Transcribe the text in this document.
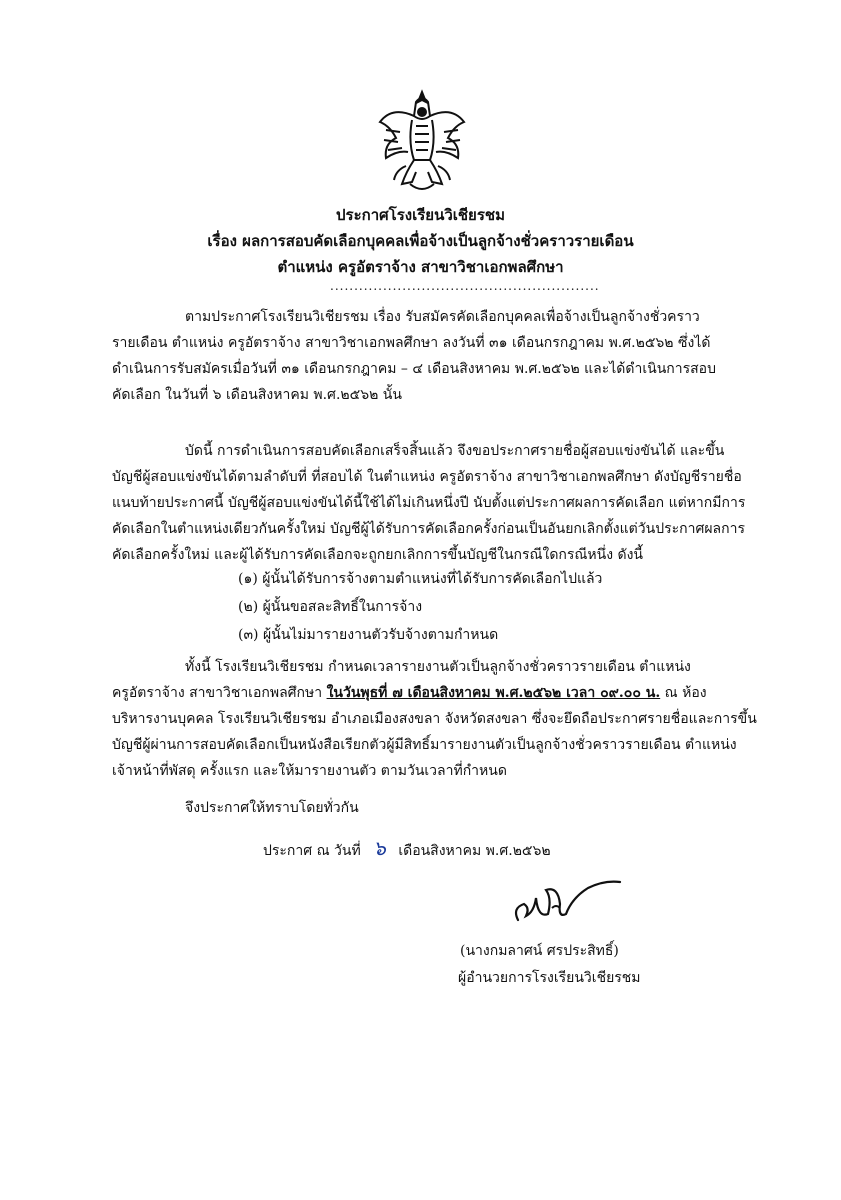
ประกาศโรงเรียนวิเชียรชม
เรื่อง ผลการสอบคัดเลือกบุคคลเพื่อจ้างเป็นลูกจ้างชั่วคราวรายเดือน
ตำแหน่ง ครูอัตราจ้าง สาขาวิชาเอกพลศึกษา
........................................................

ตามประกาศโรงเรียนวิเชียรชม เรื่อง รับสมัครคัดเลือกบุคคลเพื่อจ้างเป็นลูกจ้างชั่วคราว
รายเดือน ตำแหน่ง ครูอัตราจ้าง สาขาวิชาเอกพลศึกษา ลงวันที่ ๓๑ เดือนกรกฎาคม พ.ศ.๒๕๖๒ ซึ่งได้
ดำเนินการรับสมัครเมื่อวันที่ ๓๑ เดือนกรกฎาคม – ๔ เดือนสิงหาคม พ.ศ.๒๕๖๒ และได้ดำเนินการสอบ
คัดเลือก ในวันที่ ๖ เดือนสิงหาคม พ.ศ.๒๕๖๒ นั้น

บัดนี้ การดำเนินการสอบคัดเลือกเสร็จสิ้นแล้ว จึงขอประกาศรายชื่อผู้สอบแข่งขันได้ และขึ้น
บัญชีผู้สอบแข่งขันได้ตามลำดับที่ ที่สอบได้ ในตำแหน่ง ครูอัตราจ้าง สาขาวิชาเอกพลศึกษา ดังบัญชีรายชื่อ
แนบท้ายประกาศนี้ บัญชีผู้สอบแข่งขันได้นี้ใช้ได้ไม่เกินหนึ่งปี นับตั้งแต่ประกาศผลการคัดเลือก แต่หากมีการ
คัดเลือกในตำแหน่งเดียวกันครั้งใหม่ บัญชีผู้ได้รับการคัดเลือกครั้งก่อนเป็นอันยกเลิกตั้งแต่วันประกาศผลการ
คัดเลือกครั้งใหม่ และผู้ได้รับการคัดเลือกจะถูกยกเลิกการขึ้นบัญชีในกรณีใดกรณีหนึ่ง ดังนี้

(๑) ผู้นั้นได้รับการจ้างตามตำแหน่งที่ได้รับการคัดเลือกไปแล้ว
(๒) ผู้นั้นขอสละสิทธิ์ในการจ้าง
(๓) ผู้นั้นไม่มารายงานตัวรับจ้างตามกำหนด

ทั้งนี้ โรงเรียนวิเชียรชม กำหนดเวลารายงานตัวเป็นลูกจ้างชั่วคราวรายเดือน ตำแหน่ง
ครูอัตราจ้าง สาขาวิชาเอกพลศึกษา ในวันพุธที่ ๗ เดือนสิงหาคม พ.ศ.๒๕๖๒ เวลา ๐๙.๐๐ น. ณ ห้อง
บริหารงานบุคคล โรงเรียนวิเชียรชม อำเภอเมืองสงขลา จังหวัดสงขลา ซึ่งจะยึดถือประกาศรายชื่อและการขึ้น
บัญชีผู้ผ่านการสอบคัดเลือกเป็นหนังสือเรียกตัวผู้มีสิทธิ์มารายงานตัวเป็นลูกจ้างชั่วคราวรายเดือน ตำแหน่ง
เจ้าหน้าที่พัสดุ ครั้งแรก และให้มารายงานตัว ตามวันเวลาที่กำหนด

จึงประกาศให้ทราบโดยทั่วกัน
ประกาศ ณ วันที่ ๖ เดือนสิงหาคม พ.ศ.๒๕๖๒
(นางกมลาศน์ ศรประสิทธิ์)
ผู้อำนวยการโรงเรียนวิเชียรชม
